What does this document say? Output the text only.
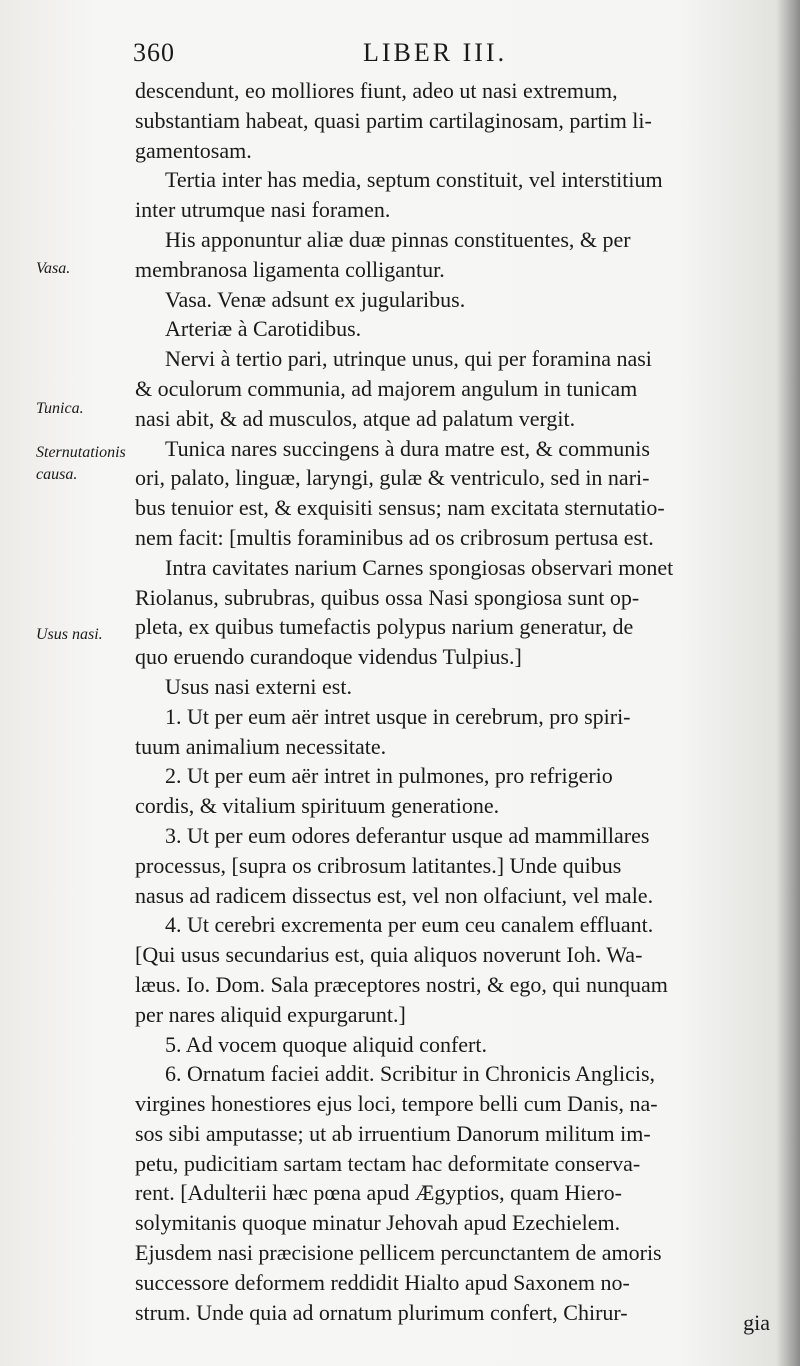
360	LIBER III.
Vasa.
Tunica.
Sternutationis causa.
Usus nasi.
descendunt, eo molliores fiunt, adeo ut nasi extremum,
substantiam habeat, quasi partim cartilaginosam, partim li-
gamentosam.
Tertia inter has media, septum constituit, vel interstitium
inter utrumque nasi foramen.
His apponuntur aliæ duæ pinnas constituentes, & per
membranosa ligamenta colligantur.
Vasa. Venæ adsunt ex jugularibus.
Arteriæ à Carotidibus.
Nervi à tertio pari, utrinque unus, qui per foramina nasi
& oculorum communia, ad majorem angulum in tunicam
nasi abit, & ad musculos, atque ad palatum vergit.
Tunica nares succingens à dura matre est, & communis
ori, palato, linguæ, laryngi, gulæ & ventriculo, sed in nari-
bus tenuior est, & exquisiti sensus; nam excitata sternutatio-
nem facit: [multis foraminibus ad os cribrosum pertusa est.
Intra cavitates narium Carnes spongiosas observari monet
Riolanus, subrubras, quibus ossa Nasi spongiosa sunt op-
pleta, ex quibus tumefactis polypus narium generatur, de
quo eruendo curandoque videndus Tulpius.]
Usus nasi externi est.
1. Ut per eum aër intret usque in cerebrum, pro spiri-
tuum animalium necessitate.
2. Ut per eum aër intret in pulmones, pro refrigerio
cordis, & vitalium spirituum generatione.
3. Ut per eum odores deferantur usque ad mammillares
processus, [supra os cribrosum latitantes.] Unde quibus
nasus ad radicem dissectus est, vel non olfaciunt, vel male.
4. Ut cerebri excrementa per eum ceu canalem effluant.
[Qui usus secundarius est, quia aliquos noverunt Ioh. Wa-
læus. Io. Dom. Sala præceptores nostri, & ego, qui nunquam
per nares aliquid expurgarunt.]
5. Ad vocem quoque aliquid confert.
6. Ornatum faciei addit. Scribitur in Chronicis Anglicis,
virgines honestiores ejus loci, tempore belli cum Danis, na-
sos sibi amputasse; ut ab irruentium Danorum militum im-
petu, pudicitiam sartam tectam hac deformitate conserva-
rent. [Adulterii hæc pœna apud Ægyptios, quam Hiero-
solymitanis quoque minatur Jehovah apud Ezechielem.
Ejusdem nasi præcisione pellicem percunctantem de amoris
successore deformem reddidit Hialto apud Saxonem no-
strum. Unde quia ad ornatum plurimum confert, Chirur-	gia
